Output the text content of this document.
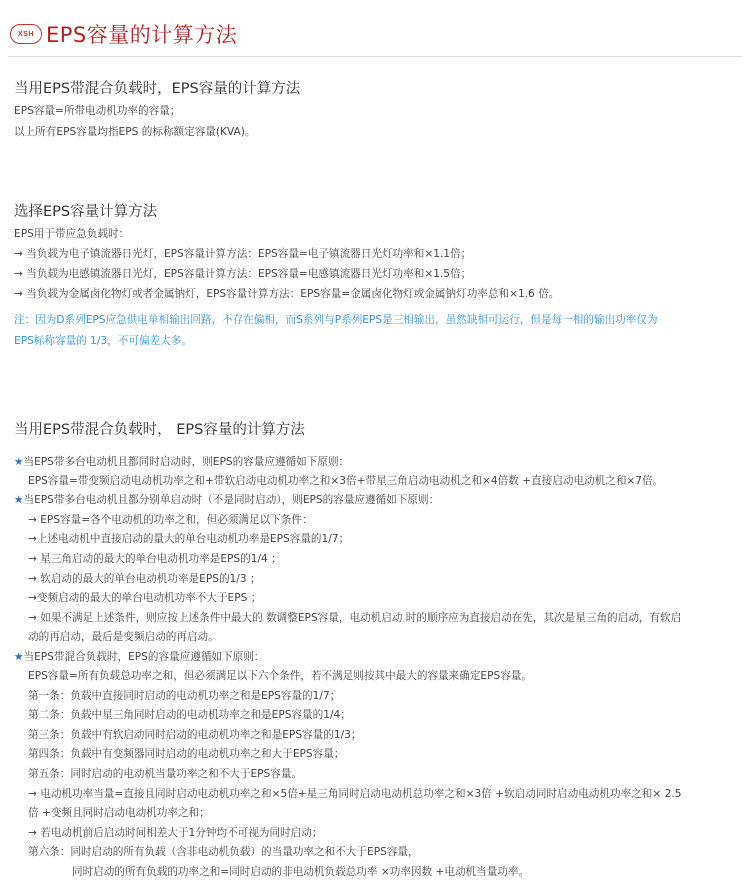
XSH EPS容量的计算方法
当用EPS带混合负载时，EPS容量的计算方法
EPS容量=所带电动机功率的容量；
以上所有EPS容量均指EPS 的标称额定容量(KVA)。
选择EPS容量计算方法
EPS用于带应急负载时：
→ 当负载为电子镇流器日光灯，EPS容量计算方法：EPS容量=电子镇流器日光灯功率和×1.1倍；
→ 当负载为电感镇流器日光灯，EPS容量计算方法：EPS容量=电感镇流器日光灯功率和×1.5倍；
→ 当负载为金属卤化物灯或者金属钠灯，EPS容量计算方法：EPS容量=金属卤化物灯或金属钠灯功率总和×1.6 倍。
注：因为D系列EPS应急供电单相输出回路，不存在偏相，而S系列与P系列EPS是三相输出，虽然缺相可运行，但是每一相的输出功率仅为
EPS标称容量的 1/3，不可偏差太多。
当用EPS带混合负载时， EPS容量的计算方法
★当EPS带多台电动机且都同时启动时，则EPS的容量应遵循如下原则：
EPS容量=带变频启动电动机功率之和+带软启动电动机功率之和×3倍+带星三角启动电动机之和×4倍数 +直接启动电动机之和×7倍。
★当EPS带多台电动机且都分别单启动时（不是同时启动），则EPS的容量应遵循如下原则：
→ EPS容量=各个电动机的功率之和，但必须满足以下条件：
→上述电动机中直接启动的量大的单台电动机功率是EPS容量的1/7；
→ 星三角启动的最大的单台电动机功率是EPS的1/4 ；
→ 软启动的最大的单台电动机功率是EPS的1/3 ；
→变频启动的最大的单台电动机功率不大于EPS ；
→ 如果不满足上述条件，则应按上述条件中最大的 数调整EPS容量，电动机启动 时的顺序应为直接启动在先，其次是星三角的启动，有软启
动的再启动，最后是变频启动的再启动。
★当EPS带混合负载时，EPS的容量应遵循如下原则：
EPS容量=所有负载总功率之和，但必须满足以下六个条件，若不满足则按其中最大的容量来确定EPS容量。
第一条：负载中直接同时启动的电动机功率之和是EPS容量的1/7；
第二条：负载中星三角同时启动的电动机功率之和是EPS容量的1/4；
第三条：负载中有软启动同时启动的电动机功率之和是EPS容量的1/3；
第四条：负载中有变频器同时启动的电动机功率之和大于EPS容量；
第五条：同时启动的电动机当量功率之和不大于EPS容量。
→ 电动机功率当量=直接且同时启动电动机功率之和×5倍+星三角同时启动电动机总功率之和×3倍 +软启动同时启动电动机功率之和× 2.5
倍 +变频且同时启动电动机功率之和；
→ 若电动机前后启动时间相差大于1分钟均不可视为同时启动；
第六条：同时启动的所有负载（含非电动机负载）的当量功率之和不大于EPS容量，
同时启动的所有负载的功率之和=同时启动的非电动机负载总功率 ×功率因数 +电动机当量功率。
